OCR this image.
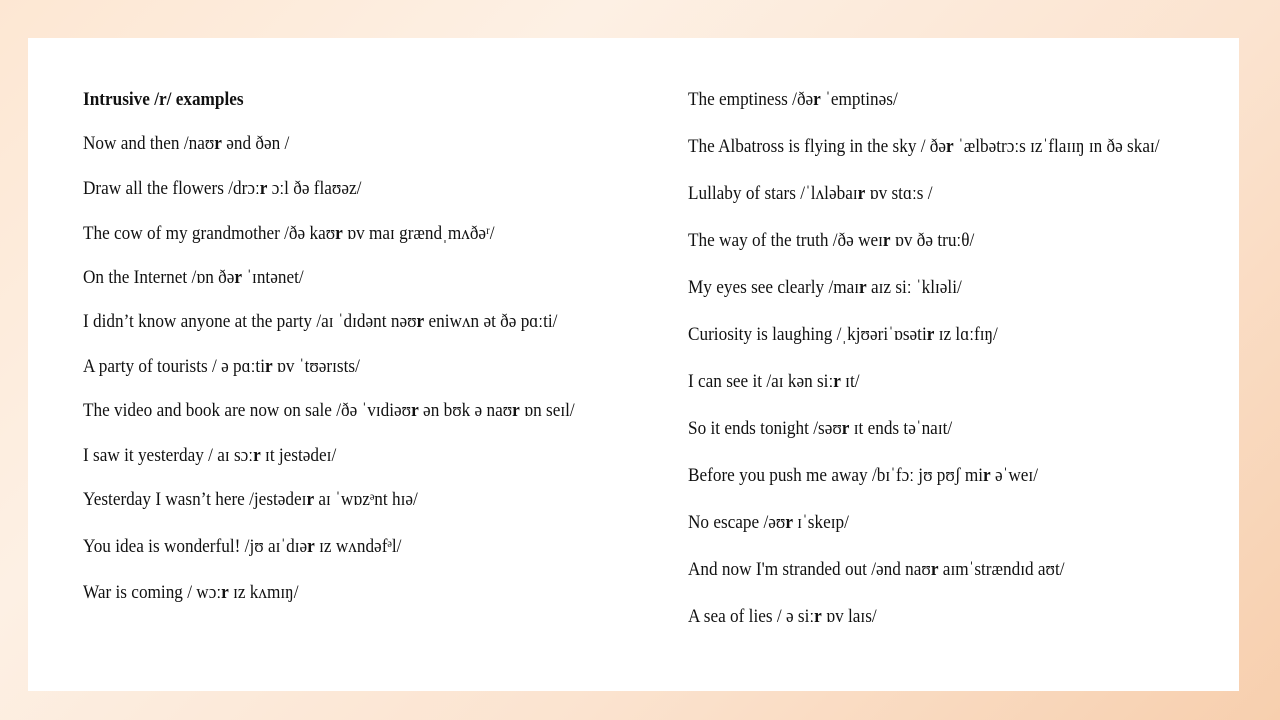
Intrusive /r/ examples
Now and then /naʊr ənd ðən /
Draw all the flowers /drɔːr ɔːl ðə flaʊəz/
The cow of my grandmother /ðə kaʊr ɒv maɪ grændˌmʌðəʳ/
On the Internet /ɒn ðər ˈɪntənet/
I didn’t know anyone at the party /aɪ ˈdɪdənt nəʊr eniwʌn ət ðə pɑːti/
A party of tourists / ə pɑːtir ɒv ˈtʊərɪsts/
The video and book are now on sale /ðə ˈvɪdiəʊr ən bʊk ə naʊr ɒn seɪl/
I saw it yesterday / aɪ sɔːr ɪt jestədeɪ/
Yesterday I wasn’t here /jestədeɪr aɪ ˈwɒzᵊnt hɪə/
You idea is wonderful! /jʊ aɪˈdɪər ɪz wʌndəfᵊl/
War is coming / wɔːr ɪz kʌmɪŋ/
The emptiness /ðər ˈemptinəs/
The Albatross is flying in the sky / ðər ˈælbətrɔːs ɪzˈflaɪɪŋ ɪn ðə skaɪ/
Lullaby of stars /ˈlʌləbaɪr ɒv stɑːs /
The way of the truth /ðə weɪr ɒv ðə truːθ/
My eyes see clearly /maɪr aɪz siː ˈklɪəli/
Curiosity is laughing /ˌkjʊəriˈɒsətir ɪz lɑːfɪŋ/
I can see it /aɪ kən siːr ɪt/
So it ends tonight /səʊr ɪt ends təˈnaɪt/
Before you push me away /bɪˈfɔː jʊ pʊʃ mir əˈweɪ/
No escape /əʊr ɪˈskeɪp/
And now I'm stranded out /ənd naʊr aɪmˈstrændɪd aʊt/
A sea of lies / ə siːr ɒv laɪs/
